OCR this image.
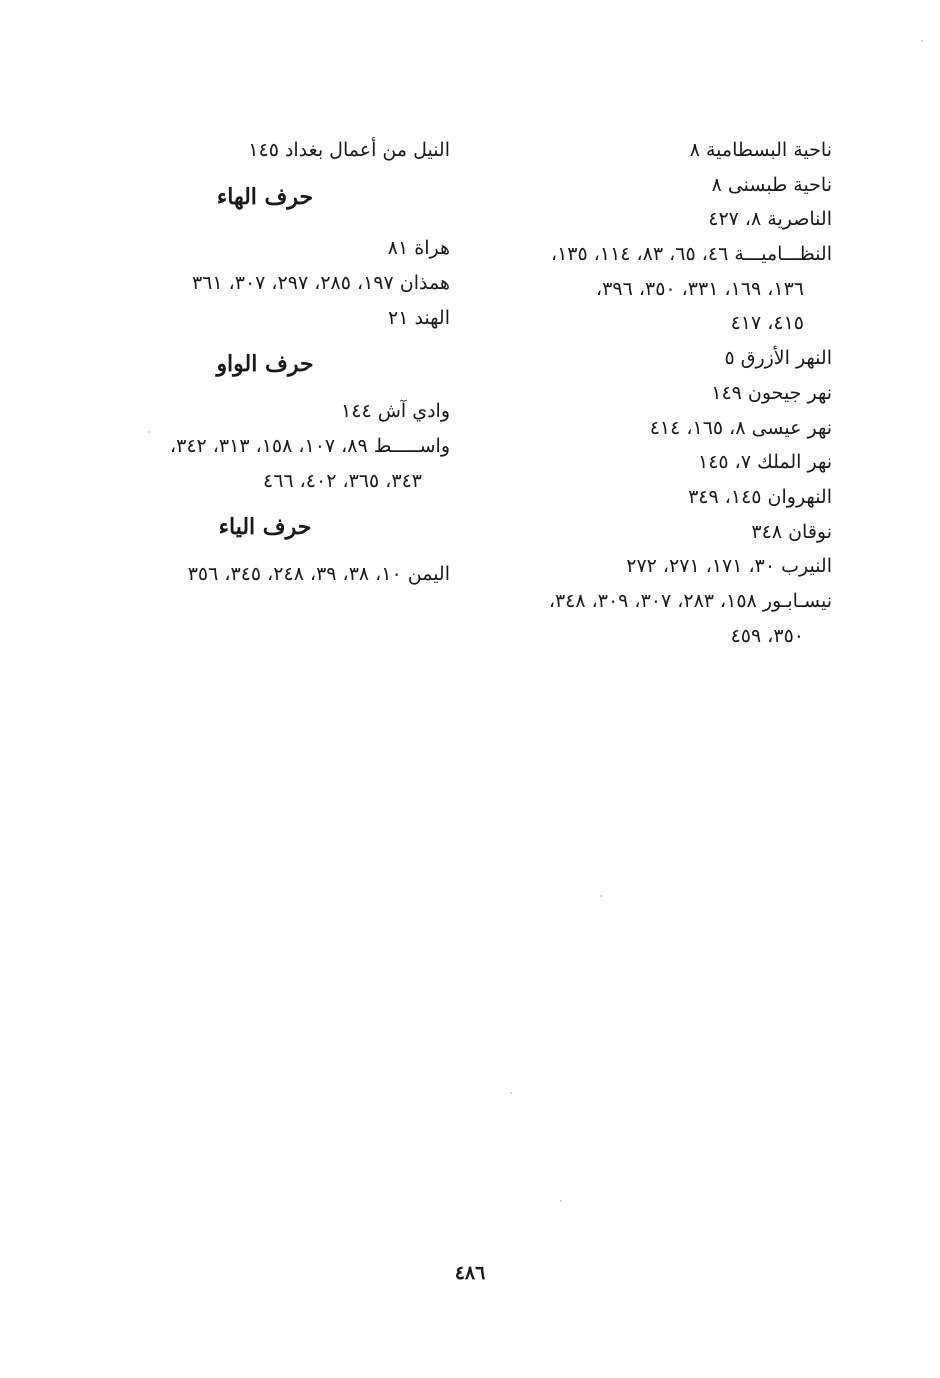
ناحية البسطامية ٨
ناحية طبسنى ٨
الناصرية ٨، ٤٢٧
النظـــاميـــة ٤٦، ٦٥، ٨٣، ١١٤، ١٣٥،
١٣٦، ١٦٩، ٣٣١، ٣٥٠، ٣٩٦،
٤١٥، ٤١٧
النهر الأزرق ٥
نهر جيحون ١٤٩
نهر عيسى ٨، ١٦٥، ٤١٤
نهر الملك ٧، ١٤٥
النهروان ١٤٥، ٣٤٩
نوقان ٣٤٨
النيرب ٣٠، ١٧١، ٢٧١، ٢٧٢
نيسـابـور ١٥٨، ٢٨٣، ٣٠٧، ٣٠٩، ٣٤٨،
٣٥٠، ٤٥٩
النيل من أعمال بغداد ١٤٥
حرف الهاء
هراة ٨١
همذان ١٩٧، ٢٨٥، ٢٩٧، ٣٠٧، ٣٦١
الهند ٢١
حرف الواو
وادي آش ١٤٤
واســـــط ٨٩، ١٠٧، ١٥٨، ٣١٣، ٣٤٢،
٣٤٣، ٣٦٥، ٤٠٢، ٤٦٦
حرف الياء
اليمن ١٠، ٣٨، ٣٩، ٢٤٨، ٣٤٥، ٣٥٦
٤٨٦
